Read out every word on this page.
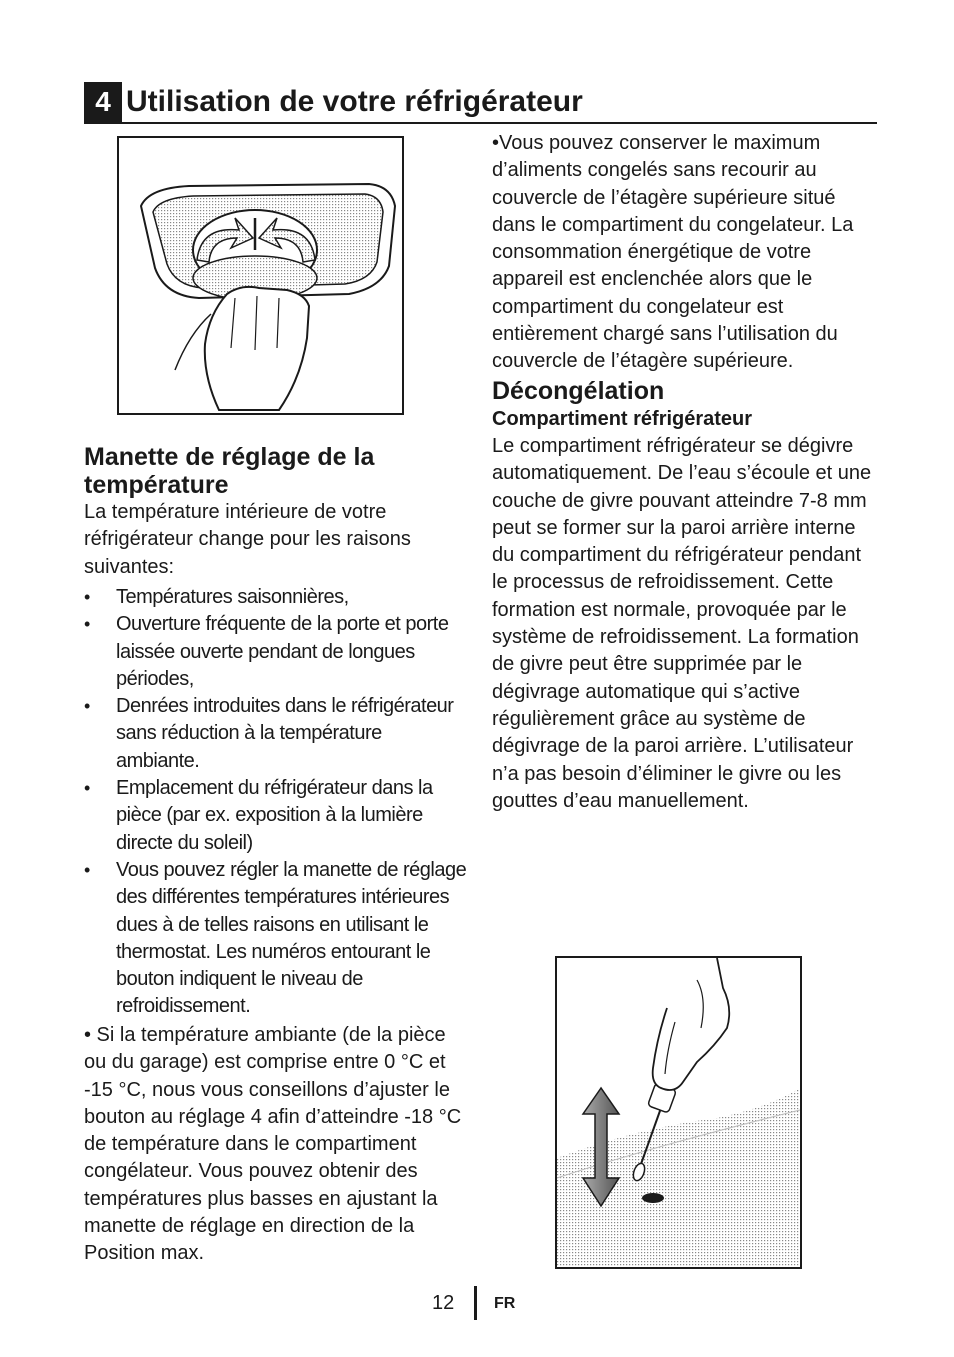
4 Utilisation de votre réfrigérateur
Manette de réglage de la température
La température intérieure de votre réfrigérateur change pour les raisons suivantes:
• Températures saisonnières,
• Ouverture fréquente de la porte et porte laissée ouverte pendant de longues périodes,
• Denrées introduites dans le réfrigérateur sans réduction à la température ambiante.
• Emplacement du réfrigérateur dans la pièce (par ex. exposition à la lumière directe du soleil)
• Vous pouvez régler la manette de réglage des différentes températures intérieures dues à de telles raisons en utilisant le thermostat. Les numéros entourant le bouton indiquent le niveau de refroidissement.
• Si la température ambiante (de la pièce ou du garage) est comprise entre 0 °C et -15 °C, nous vous conseillons d’ajuster le bouton au réglage 4 afin d’atteindre -18 °C de température dans le compartiment congélateur. Vous pouvez obtenir des températures plus basses en ajustant la manette de réglage en direction de la Position max.
•Vous pouvez conserver le maximum d’aliments congelés sans recourir au couvercle de l’étagère supérieure situé dans le compartiment du congelateur. La consommation énergétique de votre appareil est enclenchée alors que le compartiment du congelateur est entièrement chargé sans l’utilisation du couvercle de l’étagère supérieure.
Décongélation
Compartiment réfrigérateur
Le compartiment réfrigérateur se dégivre automatiquement. De l’eau s’écoule et une couche de givre pouvant atteindre 7-8 mm peut se former sur la paroi arrière interne du compartiment du réfrigérateur pendant le processus de refroidissement. Cette formation est normale, provoquée par le système de refroidissement. La formation de givre peut être supprimée par le dégivrage automatique qui s’active régulièrement grâce au système de dégivrage de la paroi arrière. L’utilisateur n’a pas besoin d’éliminer le givre ou les gouttes d’eau manuellement.
12 FR
